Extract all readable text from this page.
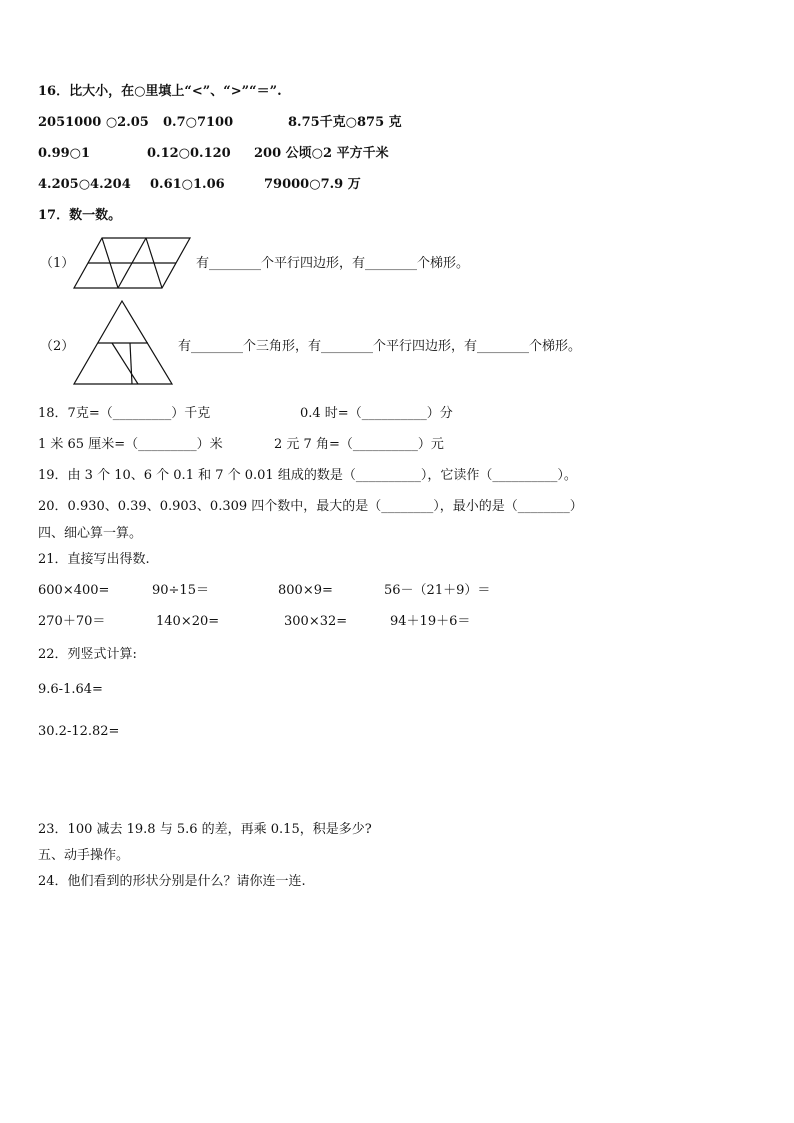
16．比大小，在○里填上“<”、“>”“＝”.
2051000 ○2.05 0.7○7100	8.75千克○875 克
0.99○1	0.12○0.120 200 公顷○2 平方千米
4.205○4.204 0.61○1.06	79000○7.9 万
17．数一数。
（1）	有________个平行四边形，有________个梯形。
（2）	有________个三角形，有________个平行四边形，有________个梯形。
18．7克=（_________）千克	0.4 时=（__________）分
1 米 65 厘米=（_________）米	2 元 7 角=（__________）元
19．由 3 个 10、6 个 0.1 和 7 个 0.01 组成的数是（__________），它读作（__________）。
20．0.930、0.39、0.903、0.309 四个数中，最大的是（________），最小的是（________）
四、细心算一算。
21．直接写出得数.
600×400=	90÷15＝	800×9=	56－（21＋9）＝
270＋70＝	140×20=	300×32=	94＋19＋6＝
22．列竖式计算:
9.6-1.64=
30.2-12.82=
23．100 减去 19.8 与 5.6 的差，再乘 0.15，积是多少?
五、动手操作。
24．他们看到的形状分别是什么？请你连一连.
